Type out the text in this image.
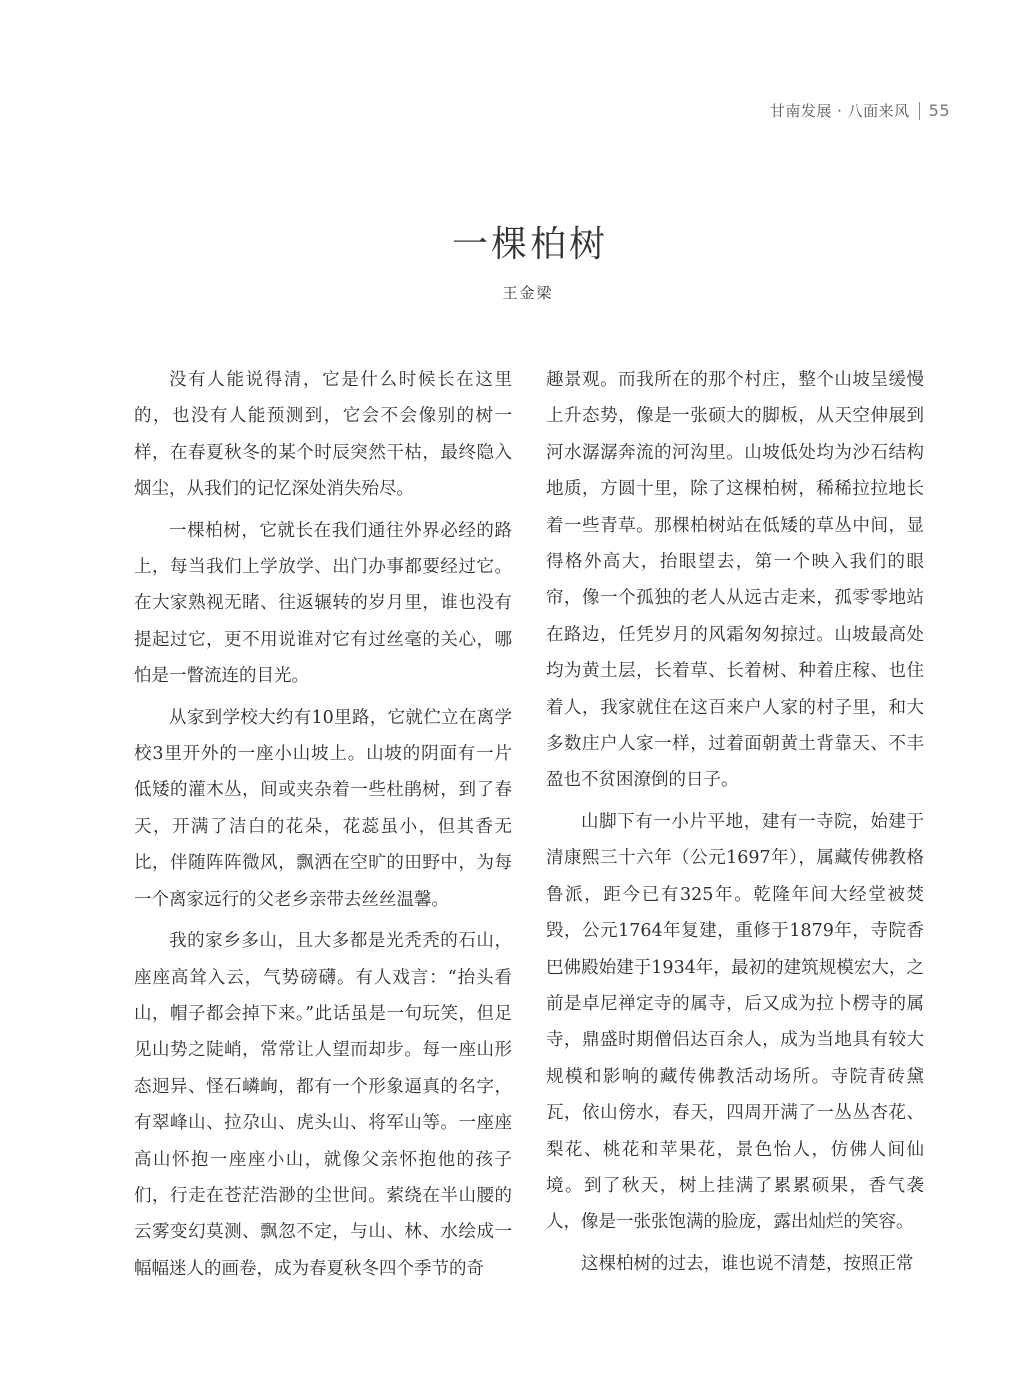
甘南发展 · 八面来风 55
一棵柏树
王金梁

没有人能说得清，它是什么时候长在这里的，也没有人能预测到，它会不会像别的树一样，在春夏秋冬的某个时辰突然干枯，最终隐入烟尘，从我们的记忆深处消失殆尽。

一棵柏树，它就长在我们通往外界必经的路上，每当我们上学放学、出门办事都要经过它。在大家熟视无睹、往返辗转的岁月里，谁也没有提起过它，更不用说谁对它有过丝毫的关心，哪怕是一瞥流连的目光。

从家到学校大约有10里路，它就伫立在离学校3里开外的一座小山坡上。山坡的阴面有一片低矮的灌木丛，间或夹杂着一些杜鹃树，到了春天，开满了洁白的花朵，花蕊虽小，但其香无比，伴随阵阵微风，飘洒在空旷的田野中，为每一个离家远行的父老乡亲带去丝丝温馨。

我的家乡多山，且大多都是光秃秃的石山，座座高耸入云，气势磅礴。有人戏言：“抬头看山，帽子都会掉下来。”此话虽是一句玩笑，但足见山势之陡峭，常常让人望而却步。每一座山形态迥异、怪石嶙峋，都有一个形象逼真的名字，有翠峰山、拉尕山、虎头山、将军山等。一座座高山怀抱一座座小山，就像父亲怀抱他的孩子们，行走在苍茫浩渺的尘世间。萦绕在半山腰的云雾变幻莫测、飘忽不定，与山、林、水绘成一幅幅迷人的画卷，成为春夏秋冬四个季节的奇

趣景观。而我所在的那个村庄，整个山坡呈缓慢上升态势，像是一张硕大的脚板，从天空伸展到河水潺潺奔流的河沟里。山坡低处均为沙石结构地质，方圆十里，除了这棵柏树，稀稀拉拉地长着一些青草。那棵柏树站在低矮的草丛中间，显得格外高大，抬眼望去，第一个映入我们的眼帘，像一个孤独的老人从远古走来，孤零零地站在路边，任凭岁月的风霜匆匆掠过。山坡最高处均为黄土层，长着草、长着树、种着庄稼、也住着人，我家就住在这百来户人家的村子里，和大多数庄户人家一样，过着面朝黄土背靠天、不丰盈也不贫困潦倒的日子。

山脚下有一小片平地，建有一寺院，始建于清康熙三十六年（公元1697年），属藏传佛教格鲁派，距今已有325年。乾隆年间大经堂被焚毁，公元1764年复建，重修于1879年，寺院香巴佛殿始建于1934年，最初的建筑规模宏大，之前是卓尼禅定寺的属寺，后又成为拉卜楞寺的属寺，鼎盛时期僧侣达百余人，成为当地具有较大规模和影响的藏传佛教活动场所。寺院青砖黛瓦，依山傍水，春天，四周开满了一丛丛杏花、梨花、桃花和苹果花，景色怡人，仿佛人间仙境。到了秋天，树上挂满了累累硕果，香气袭人，像是一张张饱满的脸庞，露出灿烂的笑容。

这棵柏树的过去，谁也说不清楚，按照正常
